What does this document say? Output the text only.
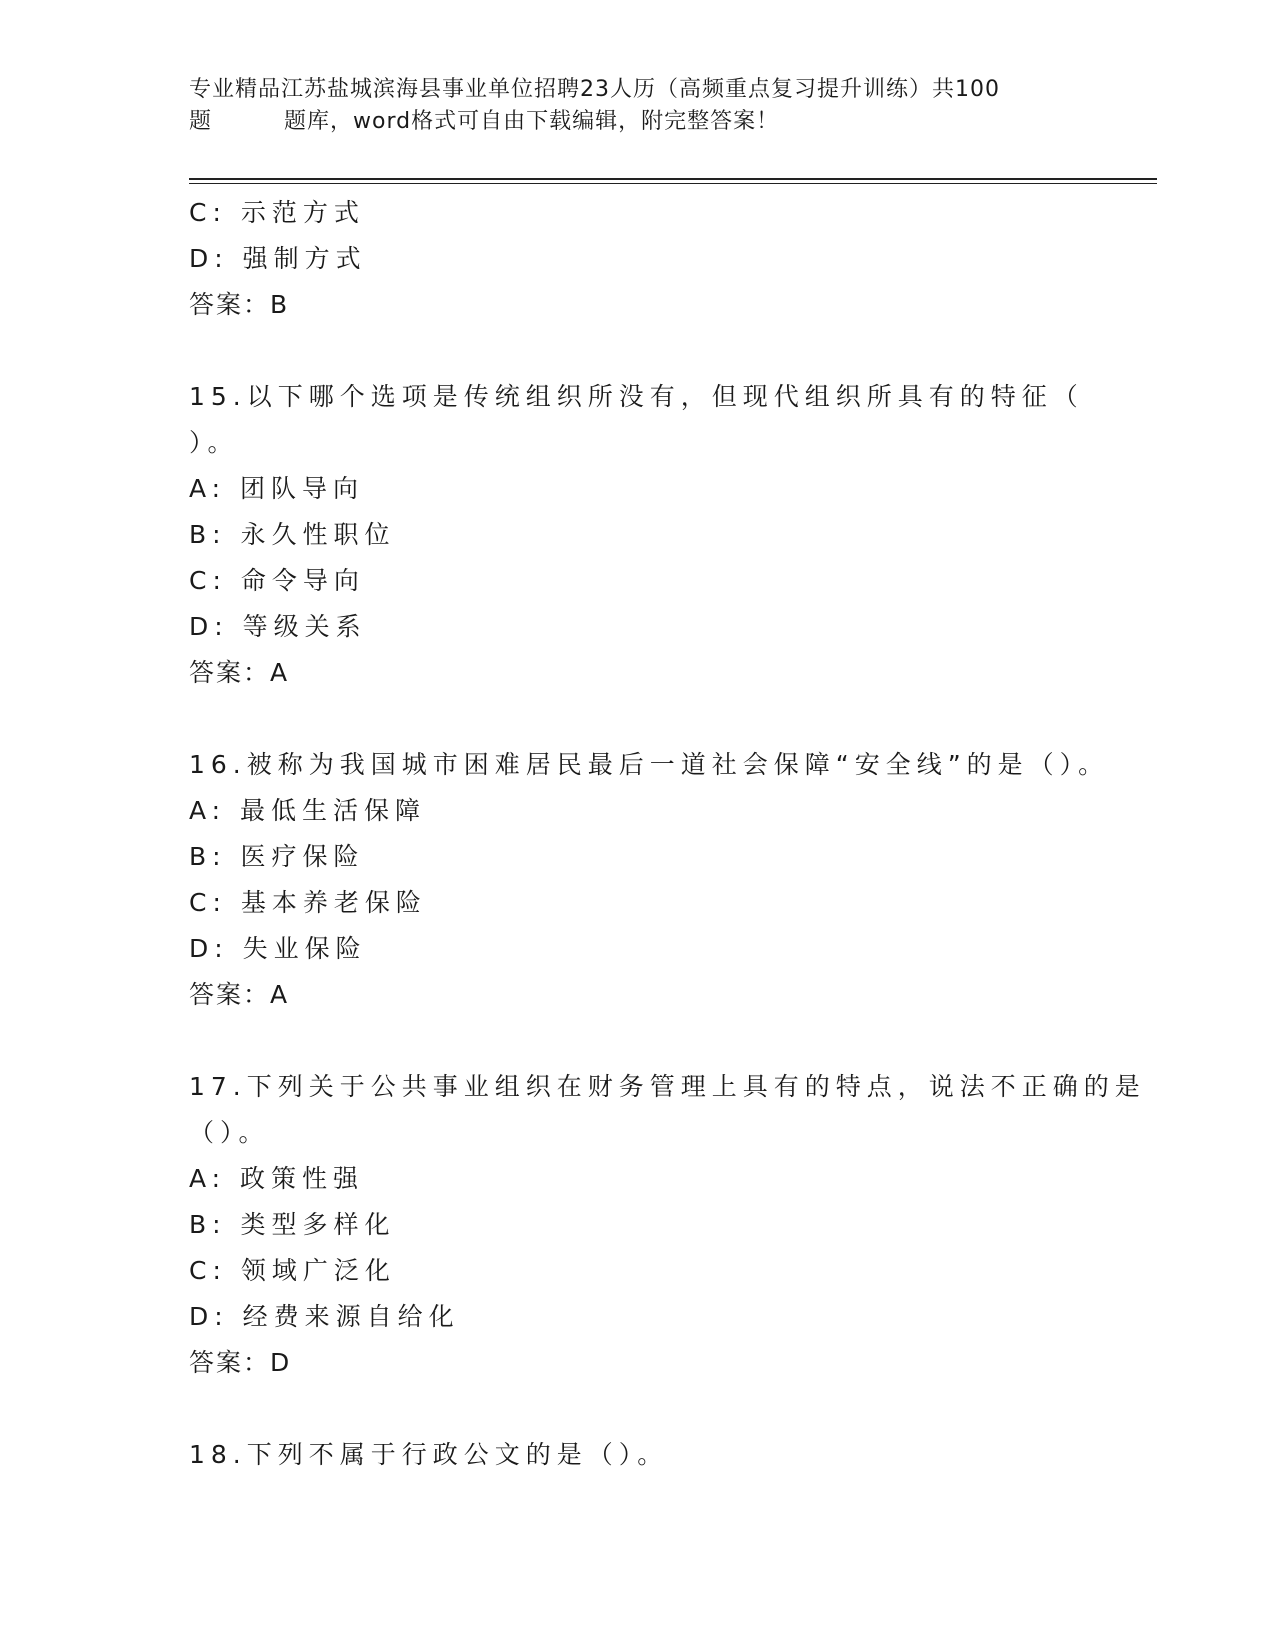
专业精品江苏盐城滨海县事业单位招聘23人历（高频重点复习提升训练）共100
题	题库，word格式可自由下载编辑，附完整答案！
C: 示范方式
D: 强制方式
答案：B
15.以下哪个选项是传统组织所没有，但现代组织所具有的特征（
）。
A: 团队导向
B: 永久性职位
C: 命令导向
D: 等级关系
答案：A
16.被称为我国城市困难居民最后一道社会保障“安全线”的是（）。
A: 最低生活保障
B: 医疗保险
C: 基本养老保险
D: 失业保险
答案：A
17.下列关于公共事业组织在财务管理上具有的特点，说法不正确的是
（）。
A: 政策性强
B: 类型多样化
C: 领域广泛化
D: 经费来源自给化
答案：D
18.下列不属于行政公文的是（）。
